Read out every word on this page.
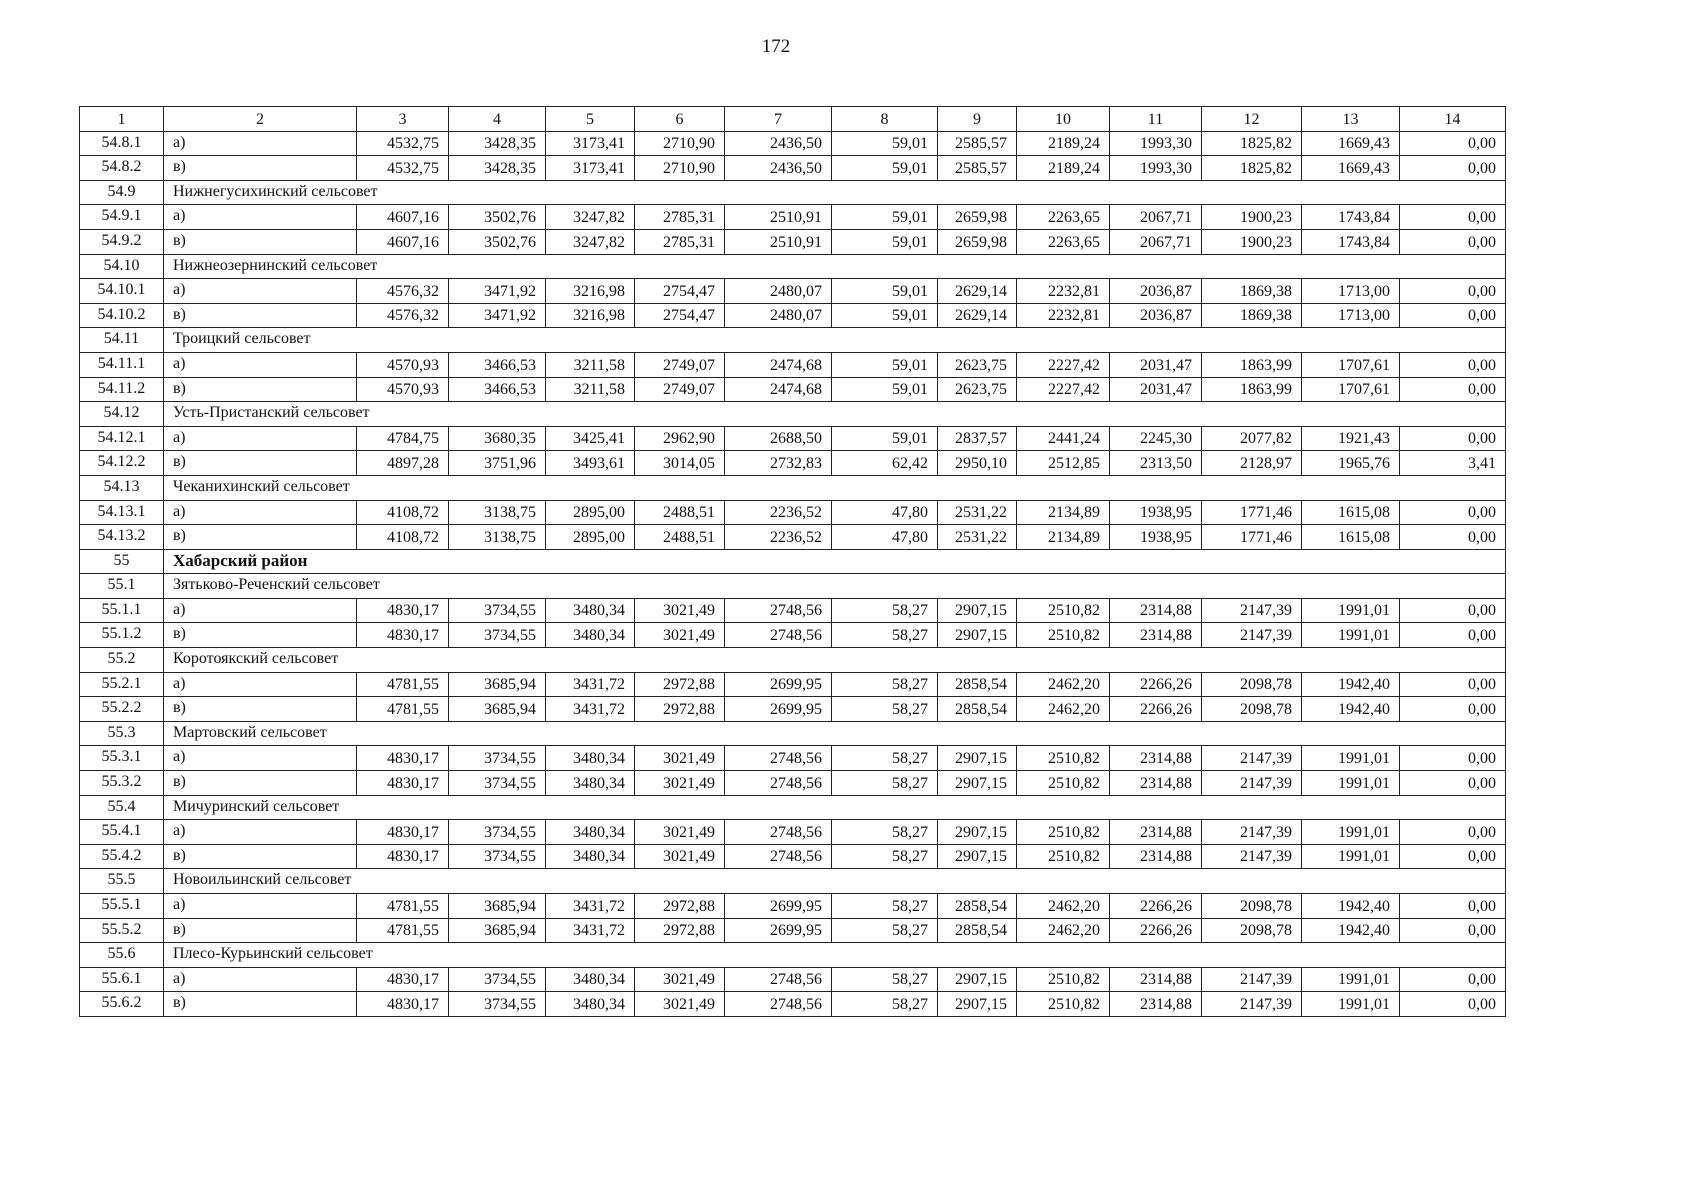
172
1	2	3	4	5	6	7	8	9	10	11	12	13	14
54.8.1	а)	4532,75	3428,35	3173,41	2710,90	2436,50	59,01	2585,57	2189,24	1993,30	1825,82	1669,43	0,00
54.8.2	в)	4532,75	3428,35	3173,41	2710,90	2436,50	59,01	2585,57	2189,24	1993,30	1825,82	1669,43	0,00
54.9	Нижнегусихинский сельсовет												
54.9.1	а)	4607,16	3502,76	3247,82	2785,31	2510,91	59,01	2659,98	2263,65	2067,71	1900,23	1743,84	0,00
54.9.2	в)	4607,16	3502,76	3247,82	2785,31	2510,91	59,01	2659,98	2263,65	2067,71	1900,23	1743,84	0,00
54.10	Нижнеозернинский сельсовет												
54.10.1	а)	4576,32	3471,92	3216,98	2754,47	2480,07	59,01	2629,14	2232,81	2036,87	1869,38	1713,00	0,00
54.10.2	в)	4576,32	3471,92	3216,98	2754,47	2480,07	59,01	2629,14	2232,81	2036,87	1869,38	1713,00	0,00
54.11	Троицкий сельсовет												
54.11.1	а)	4570,93	3466,53	3211,58	2749,07	2474,68	59,01	2623,75	2227,42	2031,47	1863,99	1707,61	0,00
54.11.2	в)	4570,93	3466,53	3211,58	2749,07	2474,68	59,01	2623,75	2227,42	2031,47	1863,99	1707,61	0,00
54.12	Усть-Пристанский сельсовет												
54.12.1	а)	4784,75	3680,35	3425,41	2962,90	2688,50	59,01	2837,57	2441,24	2245,30	2077,82	1921,43	0,00
54.12.2	в)	4897,28	3751,96	3493,61	3014,05	2732,83	62,42	2950,10	2512,85	2313,50	2128,97	1965,76	3,41
54.13	Чеканихинский сельсовет												
54.13.1	а)	4108,72	3138,75	2895,00	2488,51	2236,52	47,80	2531,22	2134,89	1938,95	1771,46	1615,08	0,00
54.13.2	в)	4108,72	3138,75	2895,00	2488,51	2236,52	47,80	2531,22	2134,89	1938,95	1771,46	1615,08	0,00
55	Хабарский район												
55.1	Зятьково-Реченский сельсовет												
55.1.1	а)	4830,17	3734,55	3480,34	3021,49	2748,56	58,27	2907,15	2510,82	2314,88	2147,39	1991,01	0,00
55.1.2	в)	4830,17	3734,55	3480,34	3021,49	2748,56	58,27	2907,15	2510,82	2314,88	2147,39	1991,01	0,00
55.2	Коротоякский сельсовет												
55.2.1	а)	4781,55	3685,94	3431,72	2972,88	2699,95	58,27	2858,54	2462,20	2266,26	2098,78	1942,40	0,00
55.2.2	в)	4781,55	3685,94	3431,72	2972,88	2699,95	58,27	2858,54	2462,20	2266,26	2098,78	1942,40	0,00
55.3	Мартовский сельсовет												
55.3.1	а)	4830,17	3734,55	3480,34	3021,49	2748,56	58,27	2907,15	2510,82	2314,88	2147,39	1991,01	0,00
55.3.2	в)	4830,17	3734,55	3480,34	3021,49	2748,56	58,27	2907,15	2510,82	2314,88	2147,39	1991,01	0,00
55.4	Мичуринский сельсовет												
55.4.1	а)	4830,17	3734,55	3480,34	3021,49	2748,56	58,27	2907,15	2510,82	2314,88	2147,39	1991,01	0,00
55.4.2	в)	4830,17	3734,55	3480,34	3021,49	2748,56	58,27	2907,15	2510,82	2314,88	2147,39	1991,01	0,00
55.5	Новоильинский сельсовет												
55.5.1	а)	4781,55	3685,94	3431,72	2972,88	2699,95	58,27	2858,54	2462,20	2266,26	2098,78	1942,40	0,00
55.5.2	в)	4781,55	3685,94	3431,72	2972,88	2699,95	58,27	2858,54	2462,20	2266,26	2098,78	1942,40	0,00
55.6	Плесо-Курьинский сельсовет												
55.6.1	а)	4830,17	3734,55	3480,34	3021,49	2748,56	58,27	2907,15	2510,82	2314,88	2147,39	1991,01	0,00
55.6.2	в)	4830,17	3734,55	3480,34	3021,49	2748,56	58,27	2907,15	2510,82	2314,88	2147,39	1991,01	0,00
